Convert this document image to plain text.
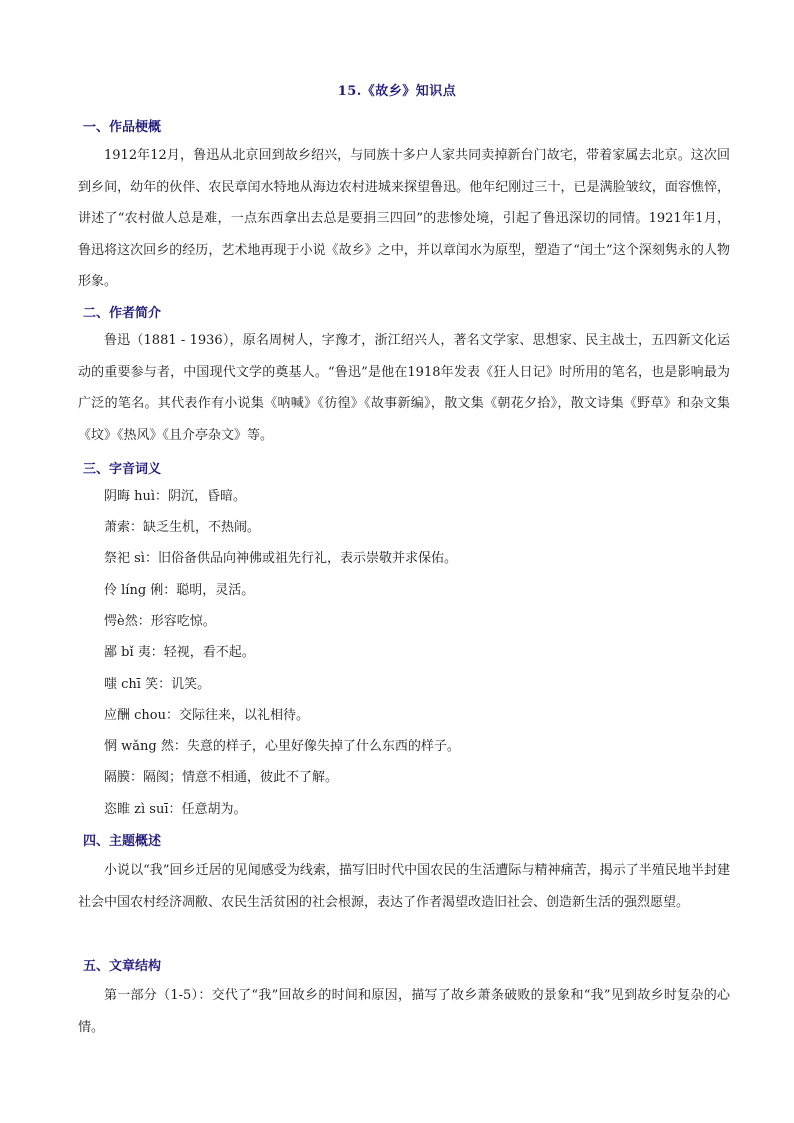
15.《故乡》知识点
一、作品梗概
1912年12月，鲁迅从北京回到故乡绍兴，与同族十多户人家共同卖掉新台门故宅，带着家属去北京。这次回到乡间，幼年的伙伴、农民章闰水特地从海边农村进城来探望鲁迅。他年纪刚过三十，已是满脸皱纹，面容憔悴，讲述了“农村做人总是难，一点东西拿出去总是要捐三四回”的悲惨处境，引起了鲁迅深切的同情。1921年1月，鲁迅将这次回乡的经历，艺术地再现于小说《故乡》之中，并以章闰水为原型，塑造了“闰土”这个深刻隽永的人物形象。
二、作者简介
鲁迅（1881 - 1936），原名周树人，字豫才，浙江绍兴人，著名文学家、思想家、民主战士，五四新文化运动的重要参与者，中国现代文学的奠基人。“鲁迅”是他在1918年发表《狂人日记》时所用的笔名，也是影响最为广泛的笔名。其代表作有小说集《呐喊》《彷徨》《故事新编》，散文集《朝花夕拾》，散文诗集《野草》和杂文集《坟》《热风》《且介亭杂文》等。
三、字音词义
阴晦 huì：阴沉，昏暗。
萧索：缺乏生机，不热闹。
祭祀 sì：旧俗备供品向神佛或祖先行礼，表示崇敬并求保佑。
伶 líng 俐：聪明，灵活。
愕è然：形容吃惊。
鄙 bǐ 夷：轻视，看不起。
嗤 chī 笑：讥笑。
应酬 chou：交际往来，以礼相待。
惘 wǎng 然：失意的样子，心里好像失掉了什么东西的样子。
隔膜：隔阂；情意不相通，彼此不了解。
恣睢 zì suī：任意胡为。
四、主题概述
小说以“我”回乡迁居的见闻感受为线索，描写旧时代中国农民的生活遭际与精神痛苦，揭示了半殖民地半封建社会中国农村经济凋敝、农民生活贫困的社会根源，表达了作者渴望改造旧社会、创造新生活的强烈愿望。
五、文章结构
第一部分（1-5）：交代了“我”回故乡的时间和原因，描写了故乡萧条破败的景象和“我”见到故乡时复杂的心情。
